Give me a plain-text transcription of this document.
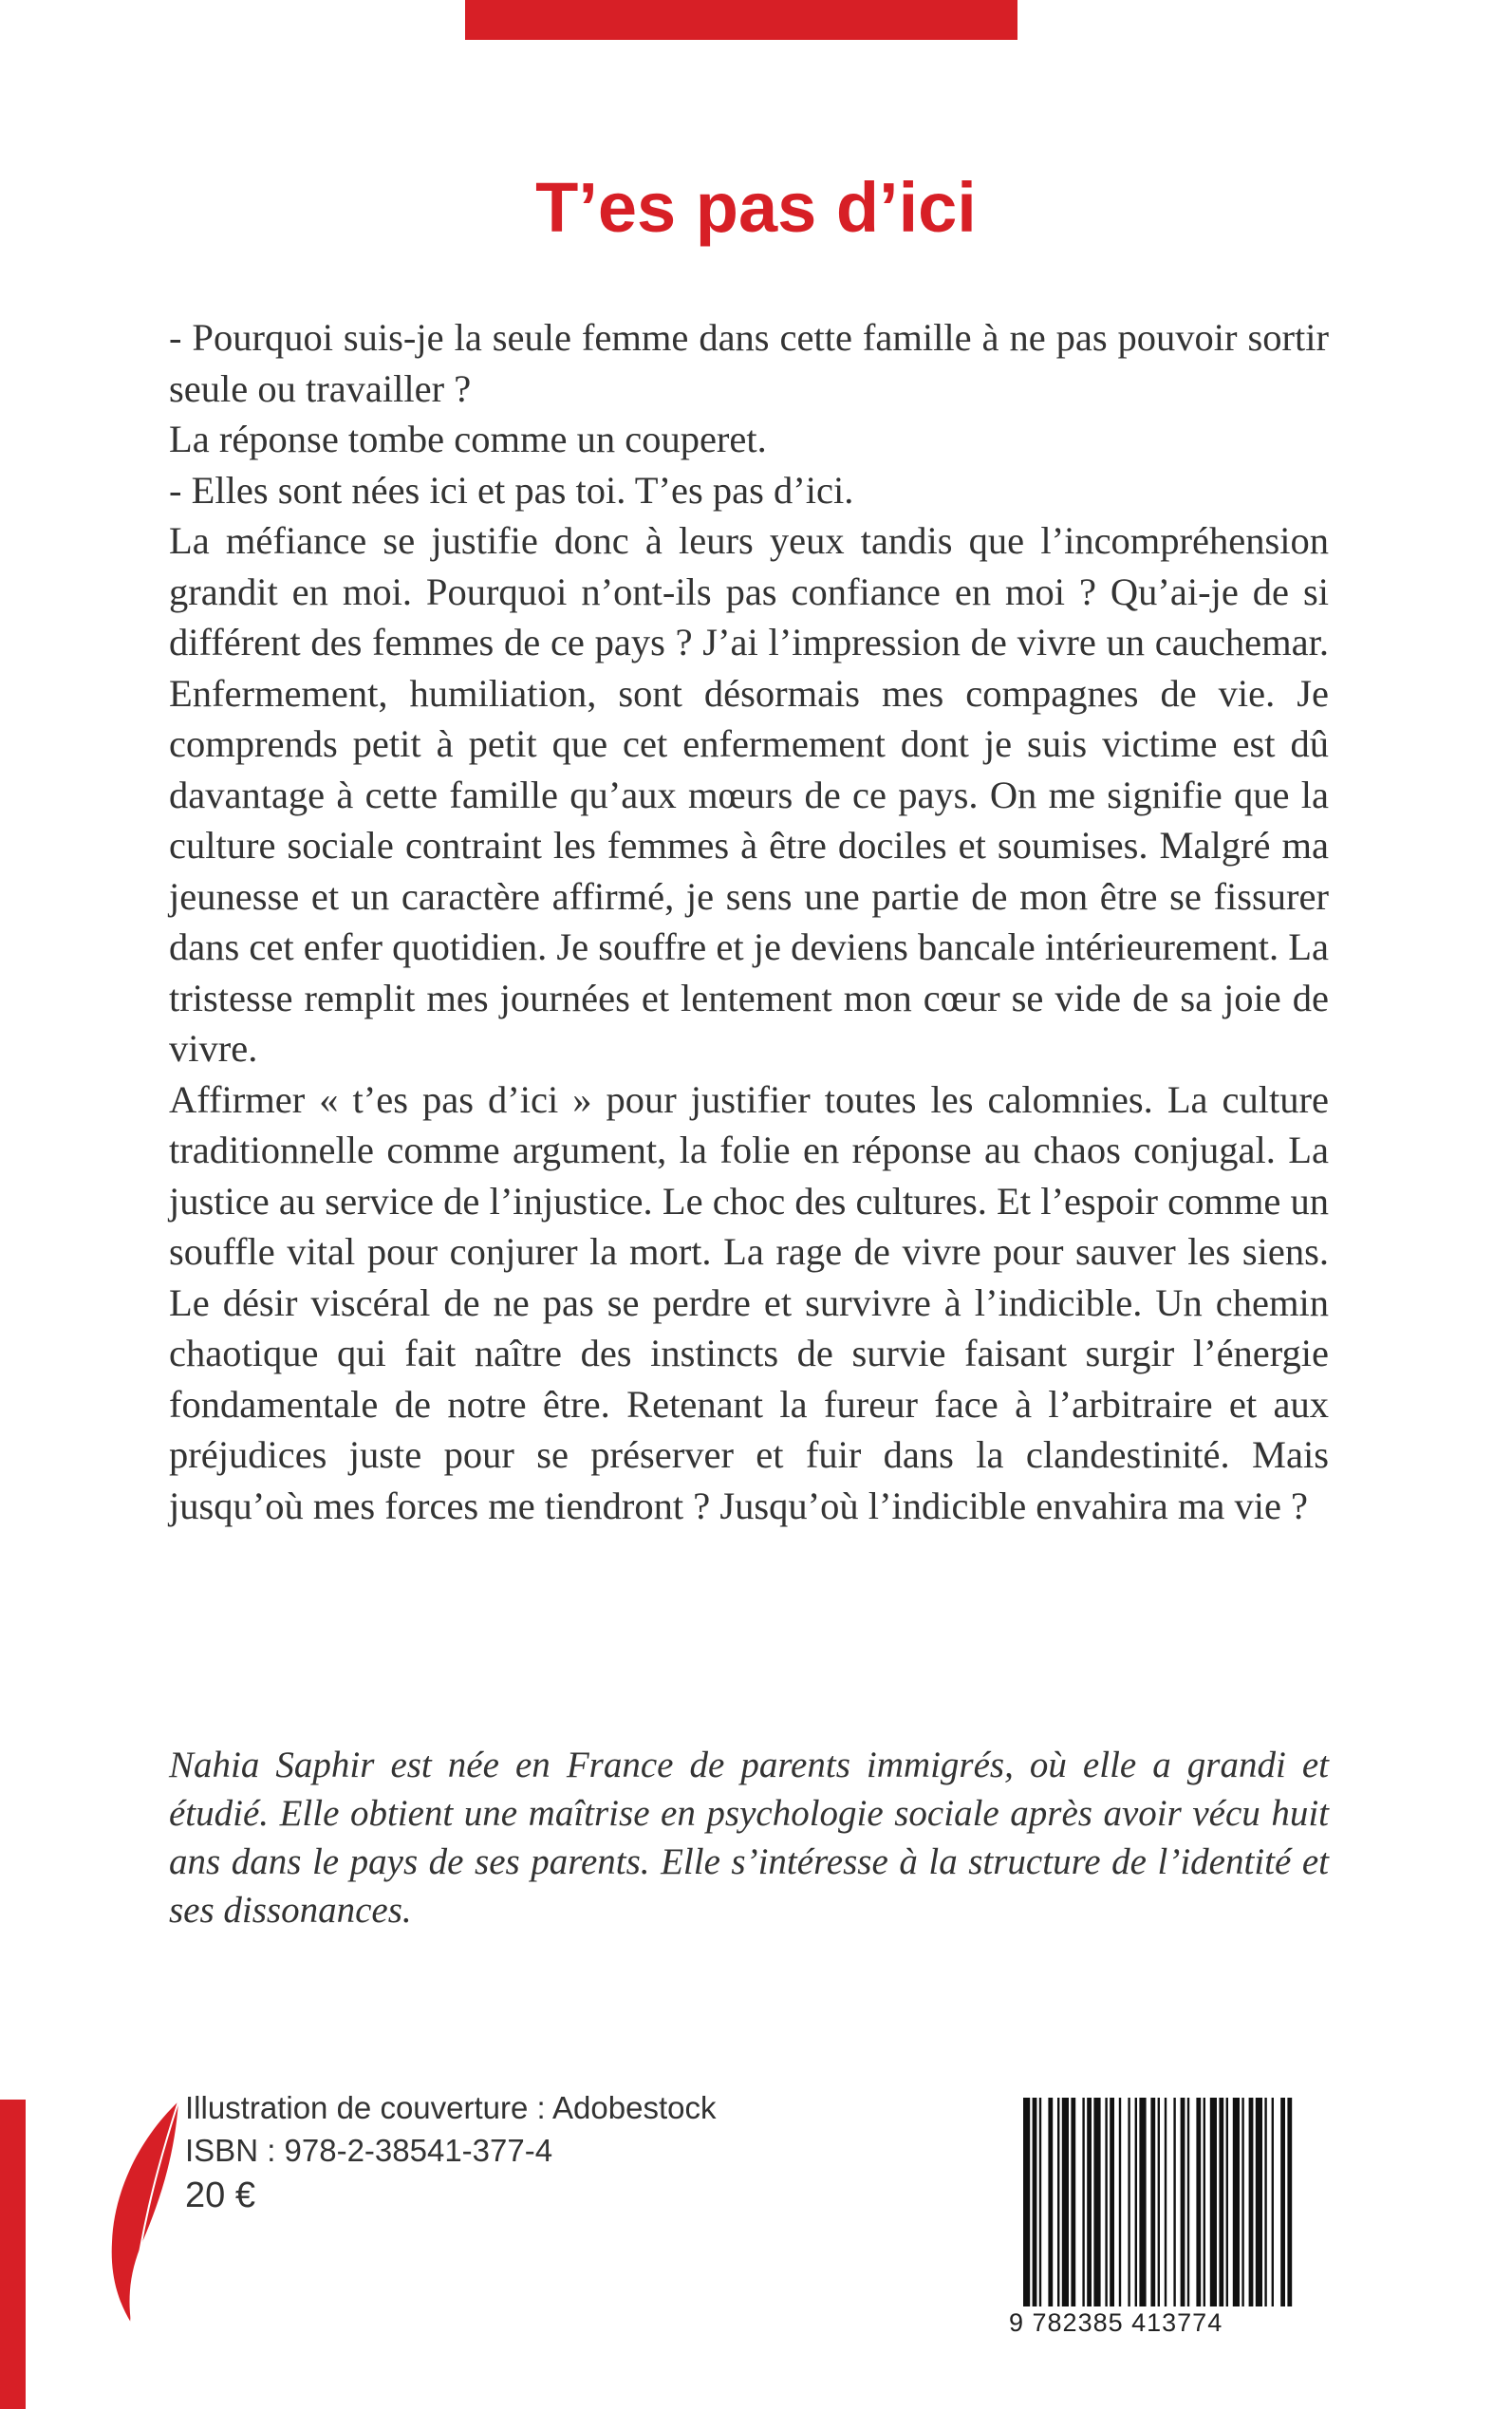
T’es pas d’ici

- Pourquoi suis-je la seule femme dans cette famille à ne pas pouvoir sortir seule ou travailler ?

La réponse tombe comme un couperet.

- Elles sont nées ici et pas toi. T’es pas d’ici.

La méfiance se justifie donc à leurs yeux tandis que l’incompréhension grandit en moi. Pourquoi n’ont-ils pas confiance en moi ? Qu’ai-je de si différent des femmes de ce pays ? J’ai l’impression de vivre un cauchemar. Enfermement, humiliation, sont désormais mes compagnes de vie. Je comprends petit à petit que cet enfermement dont je suis victime est dû davantage à cette famille qu’aux mœurs de ce pays. On me signifie que la culture sociale contraint les femmes à être dociles et soumises. Malgré ma jeunesse et un caractère affirmé, je sens une partie de mon être se fissurer dans cet enfer quotidien. Je souffre et je deviens bancale intérieurement. La tristesse remplit mes journées et lentement mon cœur se vide de sa joie de vivre.

Affirmer « t’es pas d’ici » pour justifier toutes les calomnies. La culture traditionnelle comme argument, la folie en réponse au chaos conjugal. La justice au service de l’injustice. Le choc des cultures. Et l’espoir comme un souffle vital pour conjurer la mort. La rage de vivre pour sauver les siens. Le désir viscéral de ne pas se perdre et survivre à l’indicible. Un chemin chaotique qui fait naître des instincts de survie faisant surgir l’énergie fondamentale de notre être. Retenant la fureur face à l’arbitraire et aux préjudices juste pour se préserver et fuir dans la clandestinité. Mais jusqu’où mes forces me tiendront ? Jusqu’où l’indicible envahira ma vie ?

Nahia Saphir est née en France de parents immigrés, où elle a grandi et étudié. Elle obtient une maîtrise en psychologie sociale après avoir vécu huit ans dans le pays de ses parents. Elle s’intéresse à la structure de l’identité et ses dissonances.

Illustration de couverture : Adobestock
ISBN : 978-2-38541-377-4
20 €
9 782385 413774
